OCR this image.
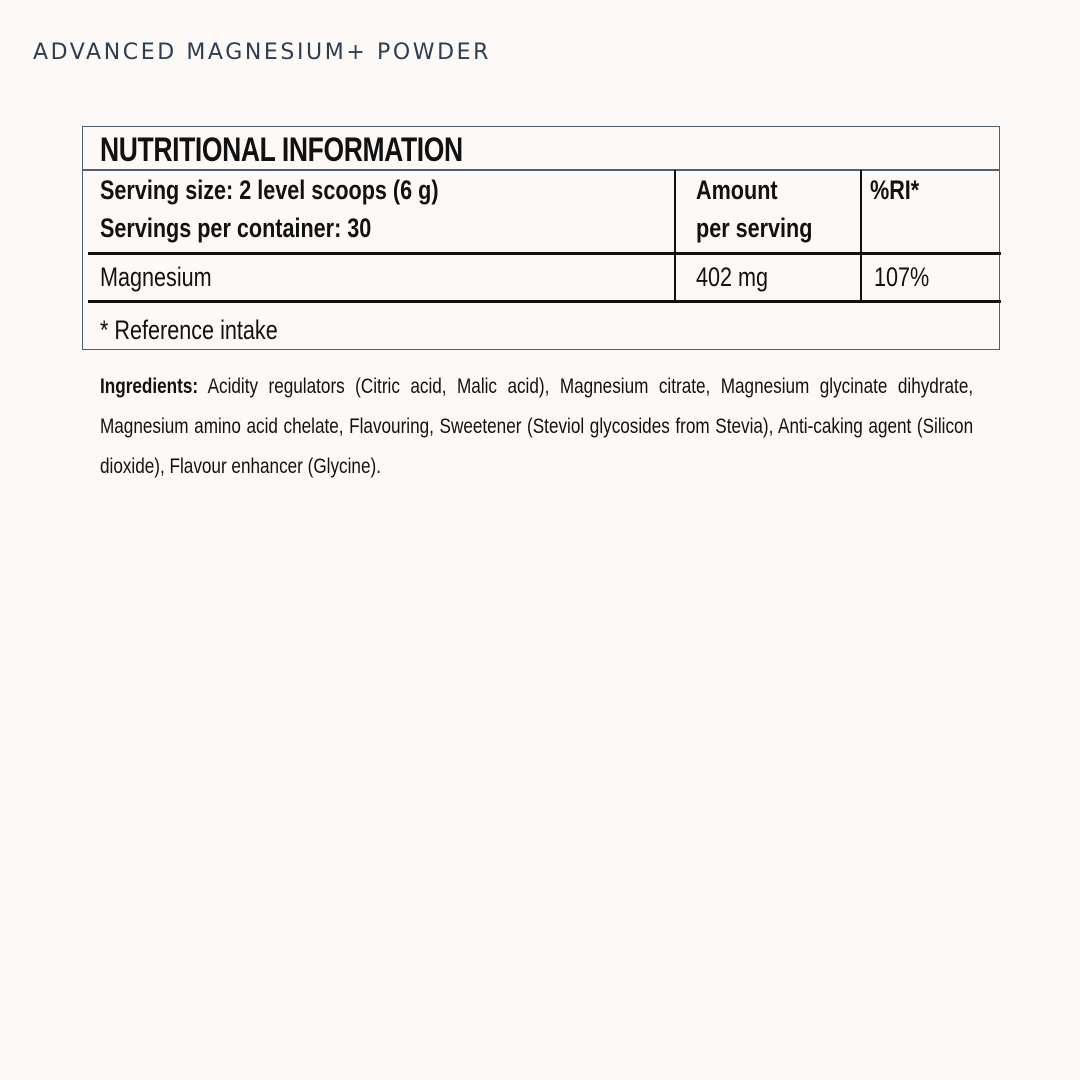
ADVANCED MAGNESIUM+ POWDER
NUTRITIONAL INFORMATION
Serving size: 2 level scoops (6 g)
Servings per container: 30
Amount
per serving
%RI*
Magnesium	402 mg	107%
* Reference intake
Ingredients: Acidity regulators (Citric acid, Malic acid), Magnesium citrate, Magnesium glycinate dihydrate, Magnesium amino acid chelate, Flavouring, Sweetener (Steviol glycosides from Stevia), Anti-caking agent (Silicon dioxide), Flavour enhancer (Glycine).
